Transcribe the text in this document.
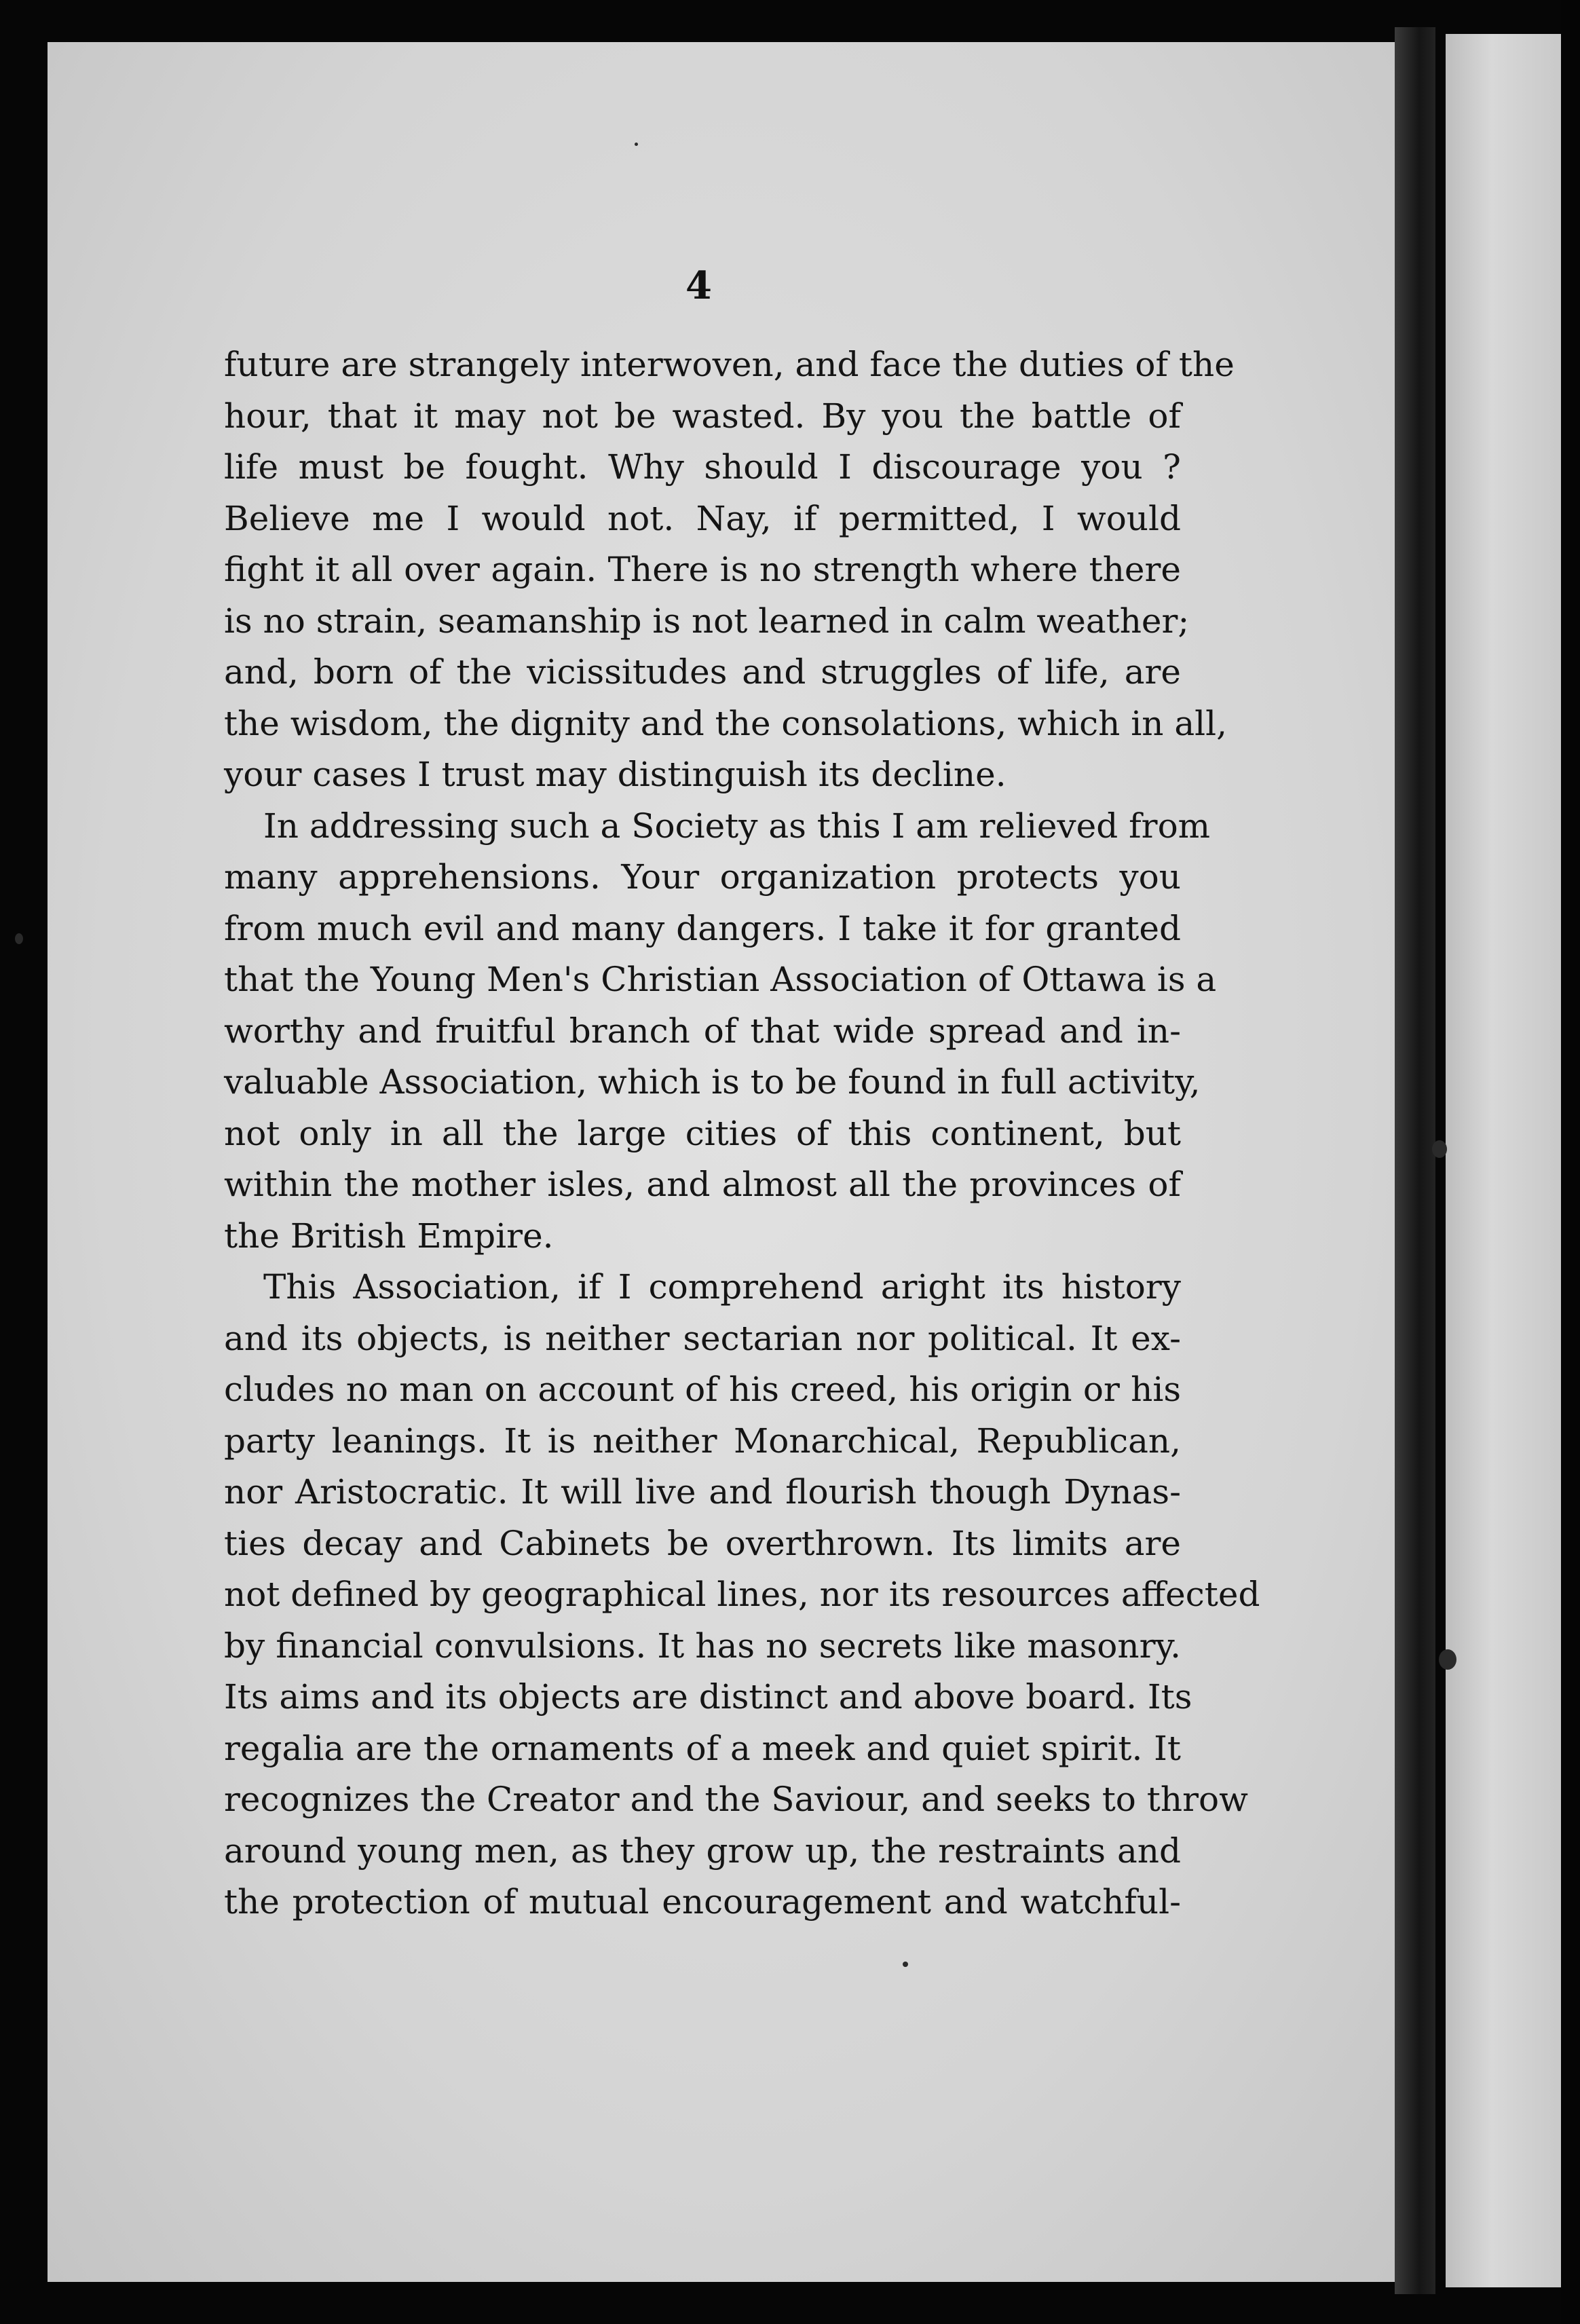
4
future are strangely interwoven, and face the duties of the
hour, that it may not be wasted. By you the battle of
life must be fought. Why should I discourage you ?
Believe me I would not. Nay, if permitted, I would
fight it all over again. There is no strength where there
is no strain, seamanship is not learned in calm weather;
and, born of the vicissitudes and struggles of life, are
the wisdom, the dignity and the consolations, which in all,
your cases I trust may distinguish its decline.
In addressing such a Society as this I am relieved from
many apprehensions. Your organization protects you
from much evil and many dangers. I take it for granted
that the Young Men's Christian Association of Ottawa is a
worthy and fruitful branch of that wide spread and in-
valuable Association, which is to be found in full activity,
not only in all the large cities of this continent, but
within the mother isles, and almost all the provinces of
the British Empire.
This Association, if I comprehend aright its history
and its objects, is neither sectarian nor political. It ex-
cludes no man on account of his creed, his origin or his
party leanings. It is neither Monarchical, Republican,
nor Aristocratic. It will live and flourish though Dynas-
ties decay and Cabinets be overthrown. Its limits are
not defined by geographical lines, nor its resources affected
by financial convulsions. It has no secrets like masonry.
Its aims and its objects are distinct and above board. Its
regalia are the ornaments of a meek and quiet spirit. It
recognizes the Creator and the Saviour, and seeks to throw
around young men, as they grow up, the restraints and
the protection of mutual encouragement and watchful-
